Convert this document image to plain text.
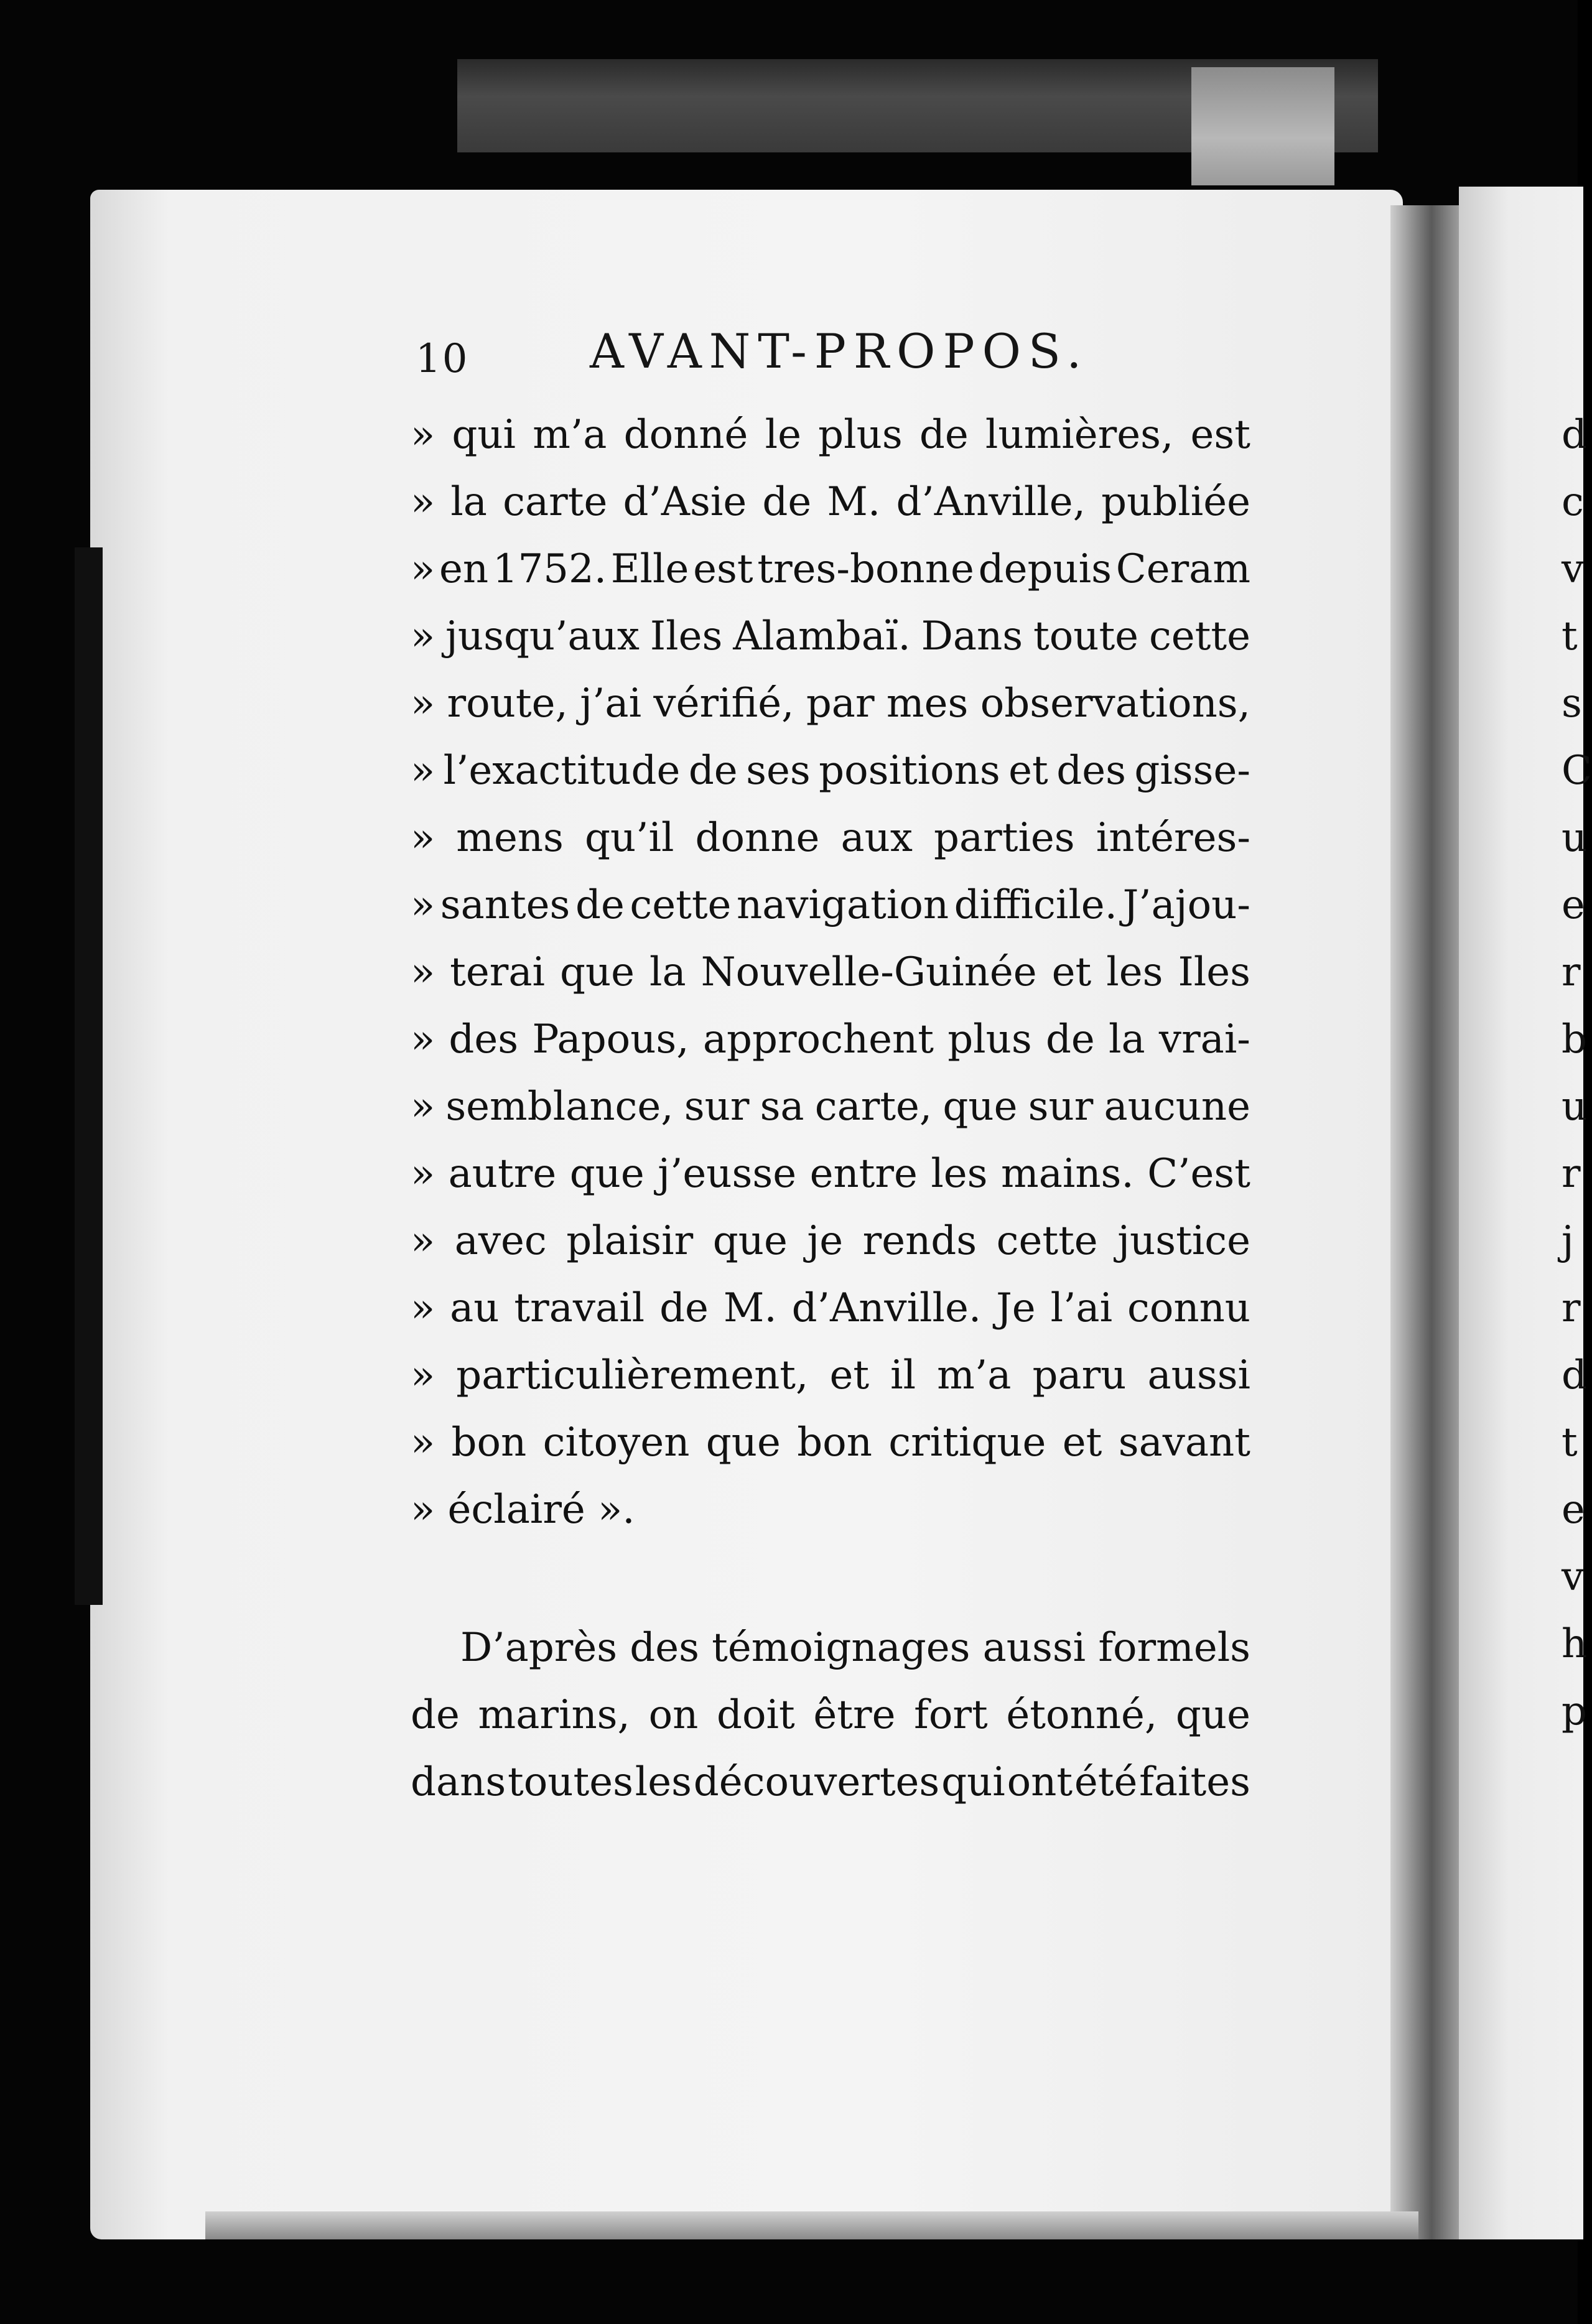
10	AVANT-PROPOS.
» qui m’a donné le plus de lumières, est
» la carte d’Asie de M. d’Anville, publiée
» en 1752. Elle est tres-bonne depuis Ceram
» jusqu’aux Iles Alambaï. Dans toute cette
» route, j’ai vérifié, par mes observations,
» l’exactitude de ses positions et des gisse-
» mens qu’il donne aux parties intéres-
» santes de cette navigation difficile. J’ajou-
» terai que la Nouvelle-Guinée et les Iles
» des Papous, approchent plus de la vrai-
» semblance, sur sa carte, que sur aucune
» autre que j’eusse entre les mains. C’est
» avec plaisir que je rends cette justice
» au travail de M. d’Anville. Je l’ai connu
» particulièrement, et il m’a paru aussi
» bon citoyen que bon critique et savant
» éclairé ».
D’après des témoignages aussi formels
de marins, on doit être fort étonné, que
dans toutes les découvertes qui ont été faites
d
c
v
t
s
C
u
e
r
b
u
r
j
r
d
t
e
v
h
p
